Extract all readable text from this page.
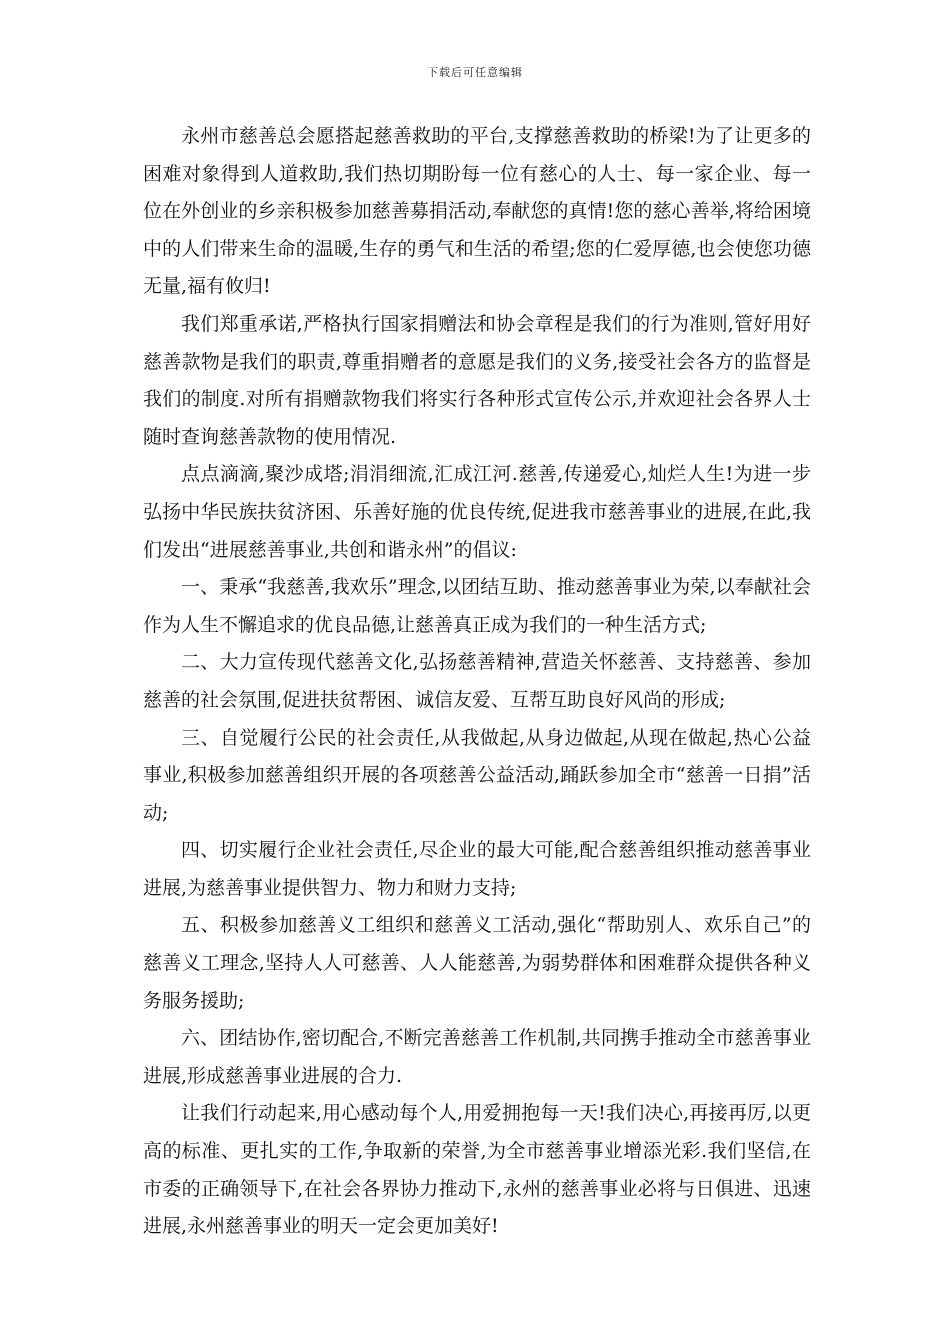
下载后可任意编辑

永州市慈善总会愿搭起慈善救助的平台,支撑慈善救助的桥梁!为了让更多的困难对象得到人道救助,我们热切期盼每一位有慈心的人士、每一家企业、每一位在外创业的乡亲积极参加慈善募捐活动,奉献您的真情!您的慈心善举,将给困境中的人们带来生命的温暖,生存的勇气和生活的希望;您的仁爱厚德,也会使您功德无量,福有攸归!

我们郑重承诺,严格执行国家捐赠法和协会章程是我们的行为准则,管好用好慈善款物是我们的职责,尊重捐赠者的意愿是我们的义务,接受社会各方的监督是我们的制度.对所有捐赠款物我们将实行各种形式宣传公示,并欢迎社会各界人士随时查询慈善款物的使用情况.

点点滴滴,聚沙成塔;涓涓细流,汇成江河.慈善,传递爱心,灿烂人生!为进一步弘扬中华民族扶贫济困、乐善好施的优良传统,促进我市慈善事业的进展,在此,我们发出“进展慈善事业,共创和谐永州”的倡议:

一、秉承“我慈善,我欢乐”理念,以团结互助、推动慈善事业为荣,以奉献社会作为人生不懈追求的优良品德,让慈善真正成为我们的一种生活方式;

二、大力宣传现代慈善文化,弘扬慈善精神,营造关怀慈善、支持慈善、参加慈善的社会氛围,促进扶贫帮困、诚信友爱、互帮互助良好风尚的形成;

三、自觉履行公民的社会责任,从我做起,从身边做起,从现在做起,热心公益事业,积极参加慈善组织开展的各项慈善公益活动,踊跃参加全市“慈善一日捐”活动;

四、切实履行企业社会责任,尽企业的最大可能,配合慈善组织推动慈善事业进展,为慈善事业提供智力、物力和财力支持;

五、积极参加慈善义工组织和慈善义工活动,强化“帮助别人、欢乐自己”的慈善义工理念,坚持人人可慈善、人人能慈善,为弱势群体和困难群众提供各种义务服务援助;

六、团结协作,密切配合,不断完善慈善工作机制,共同携手推动全市慈善事业进展,形成慈善事业进展的合力.

让我们行动起来,用心感动每个人,用爱拥抱每一天!我们决心,再接再厉,以更高的标准、更扎实的工作,争取新的荣誉,为全市慈善事业增添光彩.我们坚信,在市委的正确领导下,在社会各界协力推动下,永州的慈善事业必将与日俱进、迅速进展,永州慈善事业的明天一定会更加美好!
